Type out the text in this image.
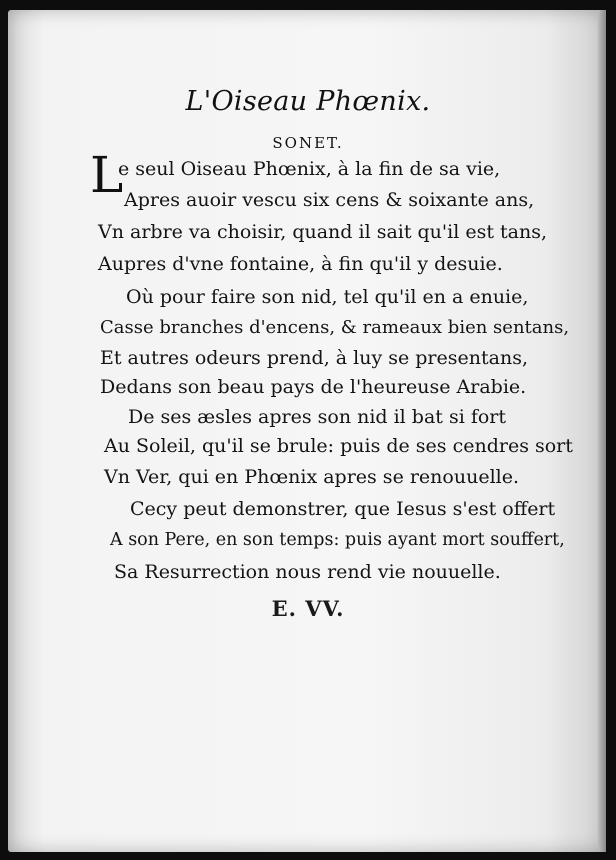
L'Oiseau Phœnix.
SONET.
L
e seul Oiseau Phœnix, à la fin de sa vie,
Apres auoir vescu six cens & soixante ans,
Vn arbre va choisir, quand il sait qu'il est tans,
Aupres d'vne fontaine, à fin qu'il y desuie.
Où pour faire son nid, tel qu'il en a enuie,
Casse branches d'encens, & rameaux bien sentans,
Et autres odeurs prend, à luy se presentans,
Dedans son beau pays de l'heureuse Arabie.
De ses æsles apres son nid il bat si fort
Au Soleil, qu'il se brule: puis de ses cendres sort
Vn Ver, qui en Phœnix apres se renouuelle.
Cecy peut demonstrer, que Iesus s'est offert
A son Pere, en son temps: puis ayant mort souffert,
Sa Resurrection nous rend vie nouuelle.
E. VV.
